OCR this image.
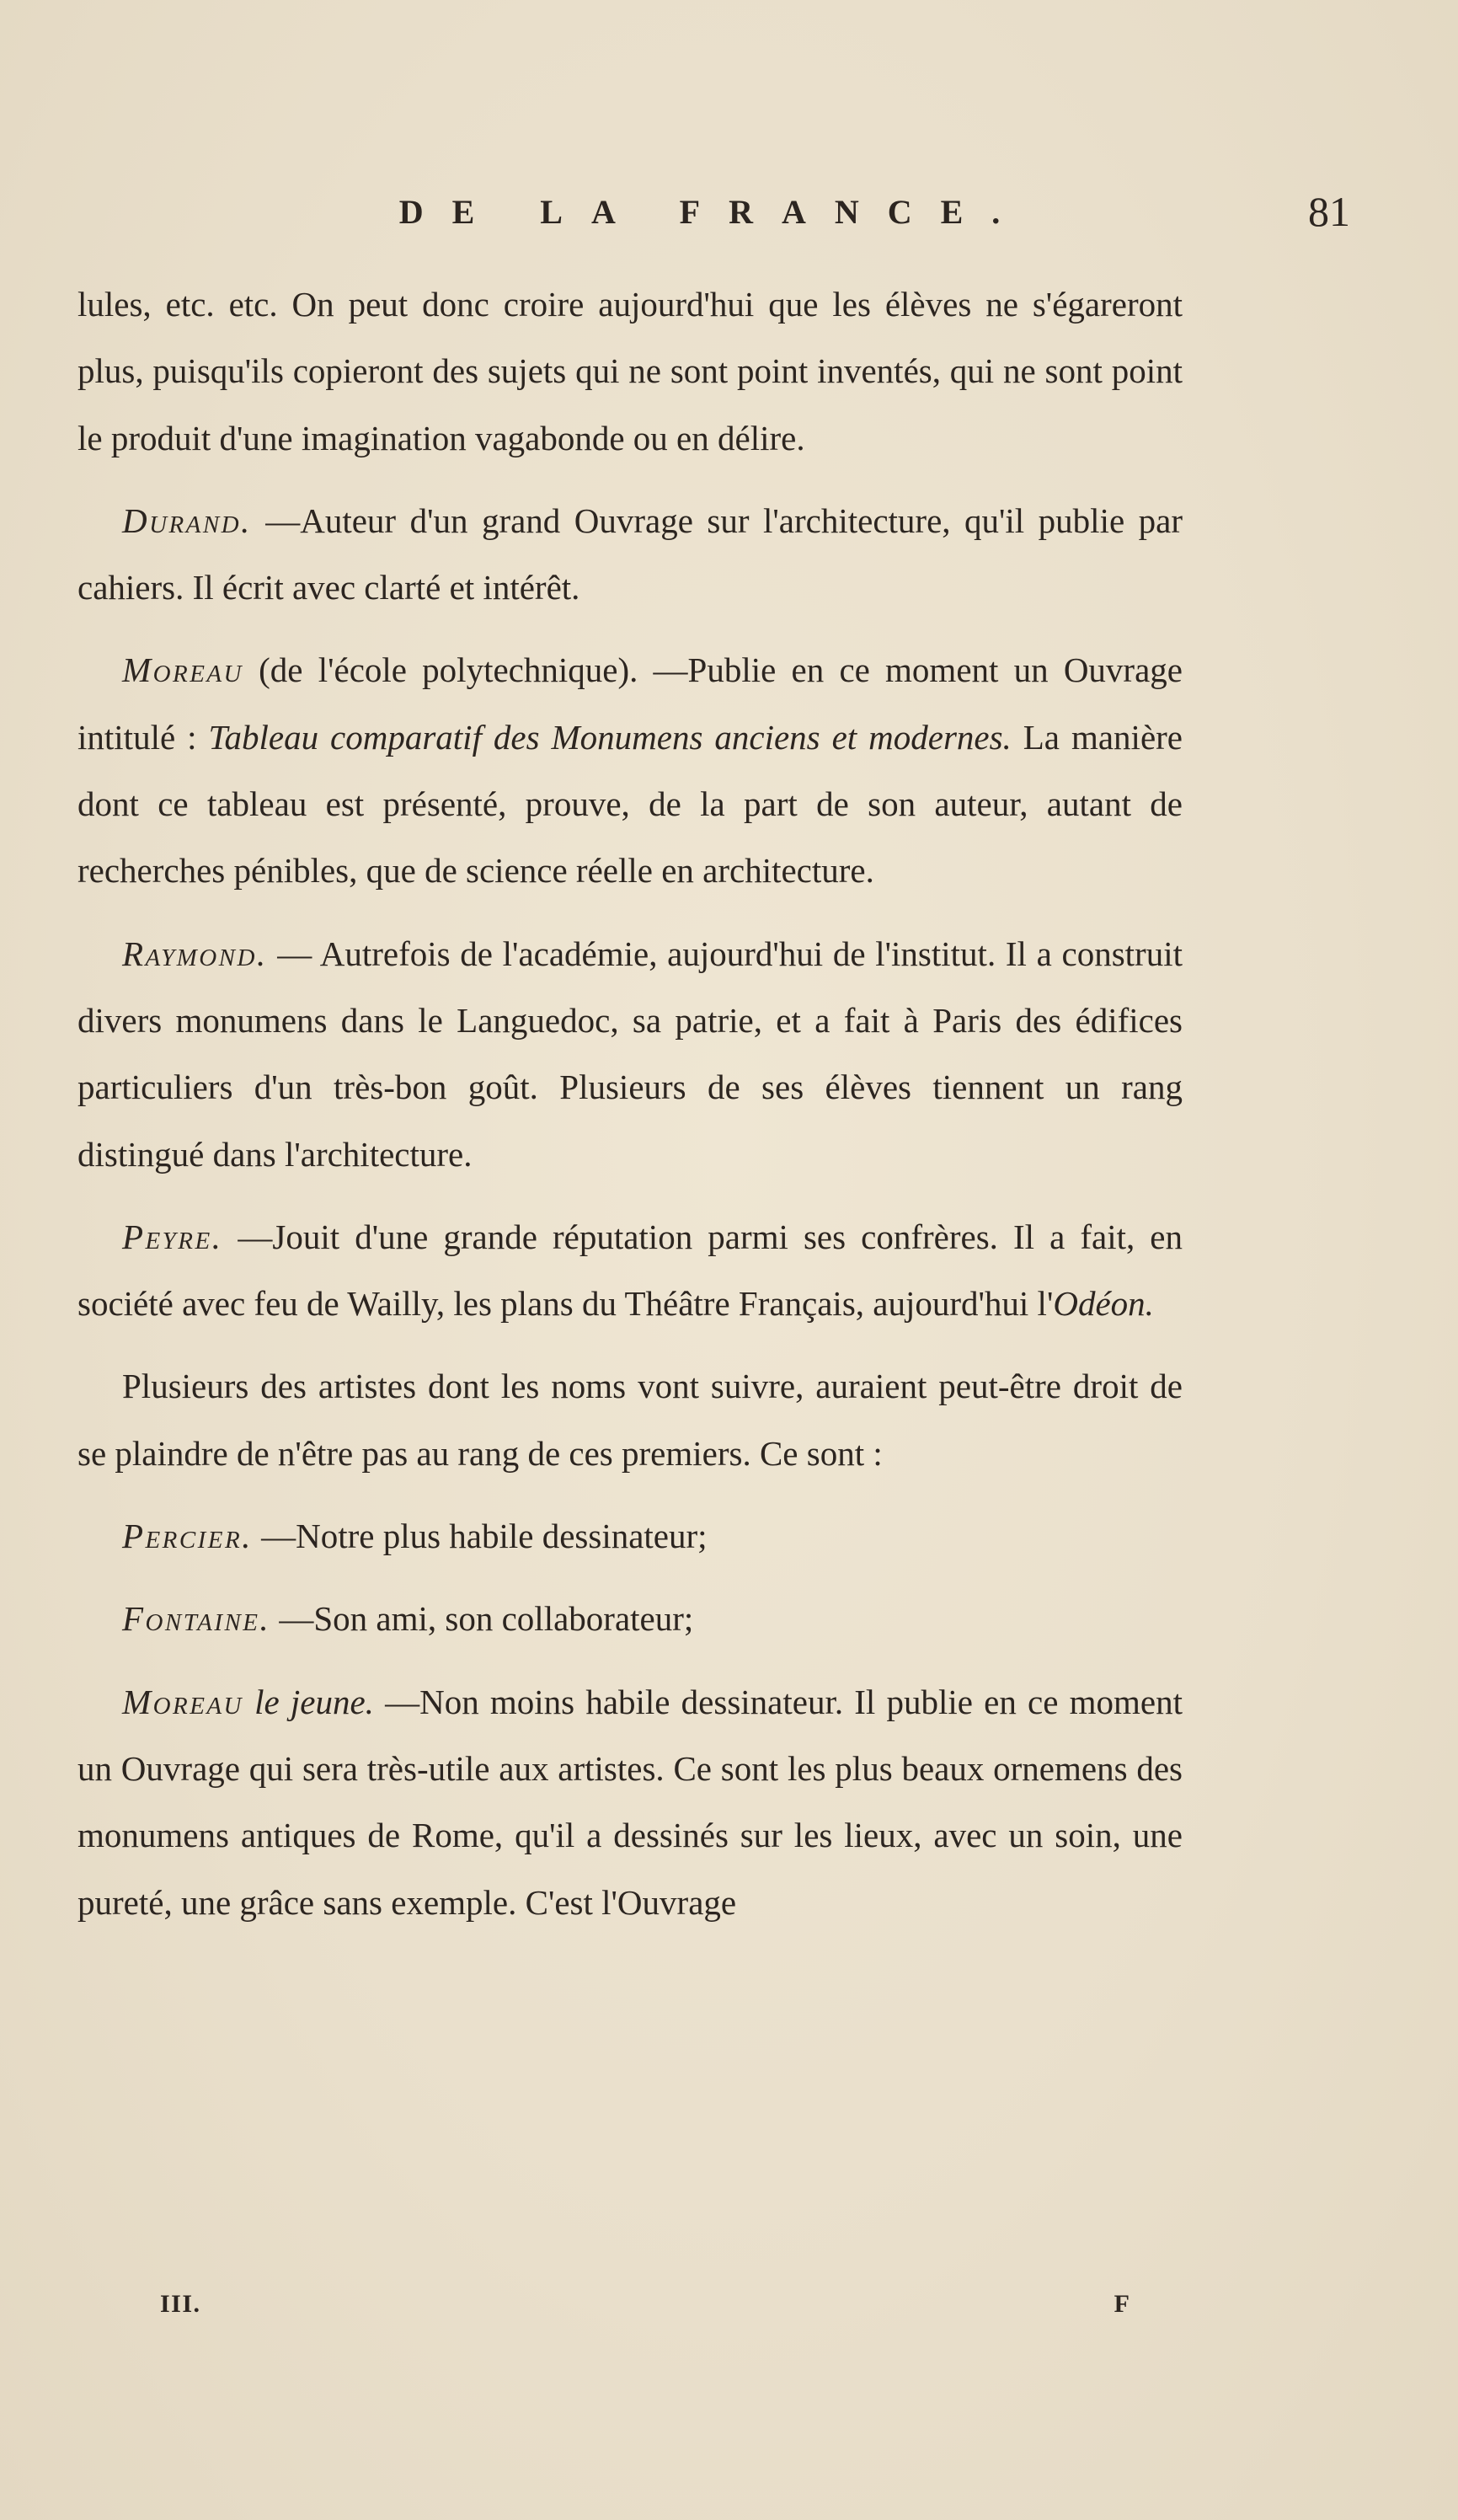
DE LA FRANCE.	81

lules, etc. etc. On peut donc croire aujourd'hui que les élèves ne s'égareront plus, puisqu'ils copieront des sujets qui ne sont point inventés, qui ne sont point le produit d'une imagination vagabonde ou en délire.

Durand. —Auteur d'un grand Ouvrage sur l'architecture, qu'il publie par cahiers. Il écrit avec clarté et intérêt.

Moreau (de l'école polytechnique). —Publie en ce moment un Ouvrage intitulé : Tableau comparatif des Monumens anciens et modernes. La manière dont ce tableau est présenté, prouve, de la part de son auteur, autant de recherches pénibles, que de science réelle en architecture.

Raymond. — Autrefois de l'académie, aujourd'hui de l'institut. Il a construit divers monumens dans le Languedoc, sa patrie, et a fait à Paris des édifices particuliers d'un très-bon goût. Plusieurs de ses élèves tiennent un rang distingué dans l'architecture.

Peyre. —Jouit d'une grande réputation parmi ses confrères. Il a fait, en société avec feu de Wailly, les plans du Théâtre Français, aujourd'hui l'Odéon.

Plusieurs des artistes dont les noms vont suivre, auraient peut-être droit de se plaindre de n'être pas au rang de ces premiers. Ce sont :

Percier. —Notre plus habile dessinateur;

Fontaine. —Son ami, son collaborateur;

Moreau le jeune. —Non moins habile dessinateur. Il publie en ce moment un Ouvrage qui sera très-utile aux artistes. Ce sont les plus beaux ornemens des monumens antiques de Rome, qu'il a dessinés sur les lieux, avec un soin, une pureté, une grâce sans exemple. C'est l'Ouvrage

III.	F
